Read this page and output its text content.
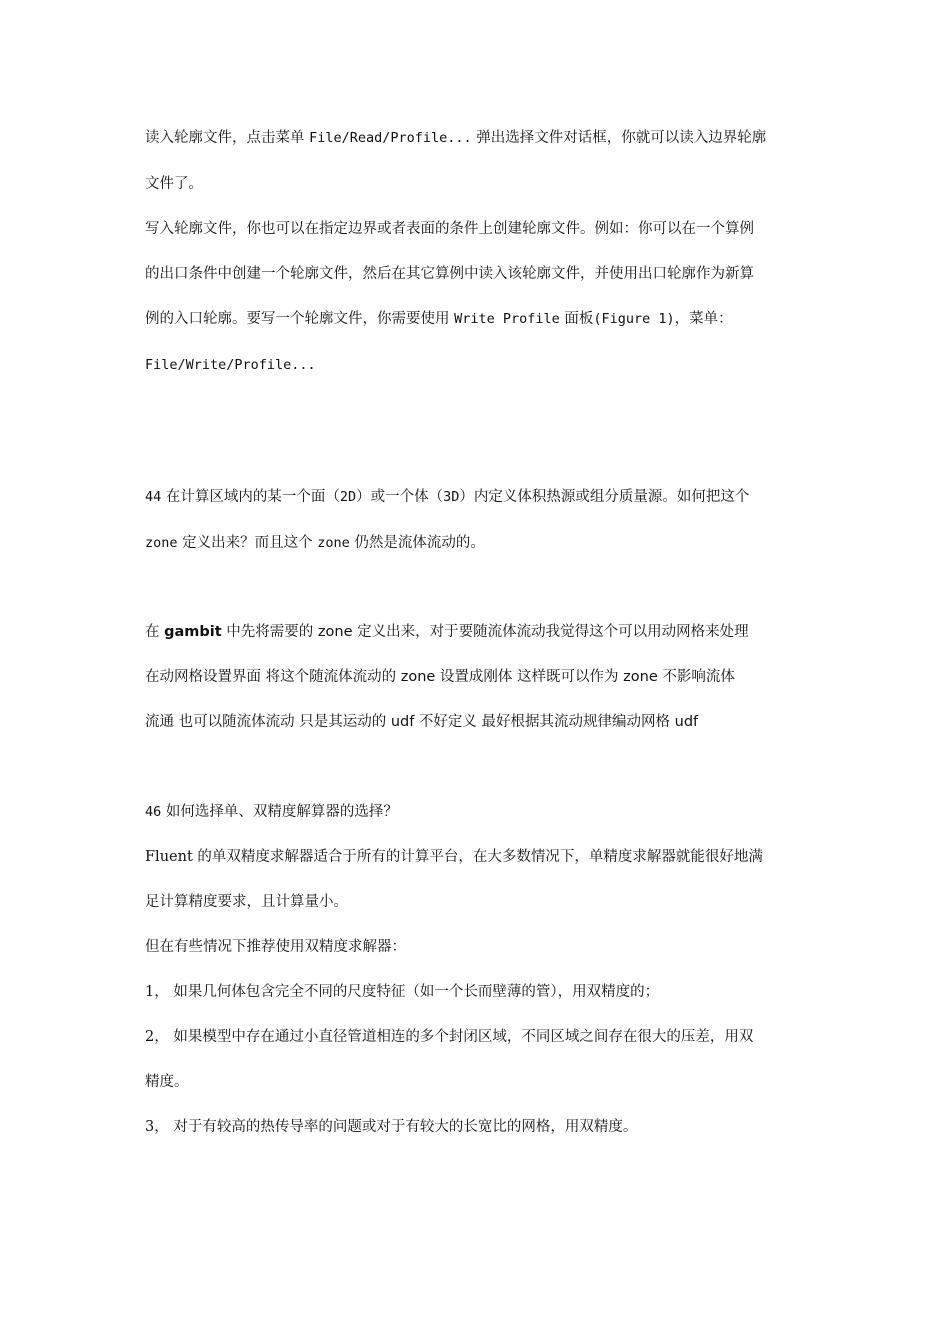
读入轮廓文件，点击菜单 File/Read/Profile... 弹出选择文件对话框，你就可以读入边界轮廓
文件了。
写入轮廓文件，你也可以在指定边界或者表面的条件上创建轮廓文件。例如：你可以在一个算例
的出口条件中创建一个轮廓文件，然后在其它算例中读入该轮廓文件，并使用出口轮廓作为新算
例的入口轮廓。要写一个轮廓文件，你需要使用 Write Profile 面板(Figure 1)，菜单：
File/Write/Profile...
44 在计算区域内的某一个面（2D）或一个体（3D）内定义体积热源或组分质量源。如何把这个
zone 定义出来？而且这个 zone 仍然是流体流动的。
在 gambit 中先将需要的 zone 定义出来，对于要随流体流动我觉得这个可以用动网格来处理
在动网格设置界面 将这个随流体流动的 zone 设置成刚体 这样既可以作为 zone 不影响流体
流通 也可以随流体流动 只是其运动的 udf 不好定义 最好根据其流动规律编动网格 udf
46 如何选择单、双精度解算器的选择？
Fluent 的单双精度求解器适合于所有的计算平台，在大多数情况下，单精度求解器就能很好地满
足计算精度要求，且计算量小。
但在有些情况下推荐使用双精度求解器：
1， 如果几何体包含完全不同的尺度特征（如一个长而壁薄的管），用双精度的；
2， 如果模型中存在通过小直径管道相连的多个封闭区域，不同区域之间存在很大的压差，用双
精度。
3， 对于有较高的热传导率的问题或对于有较大的长宽比的网格，用双精度。
